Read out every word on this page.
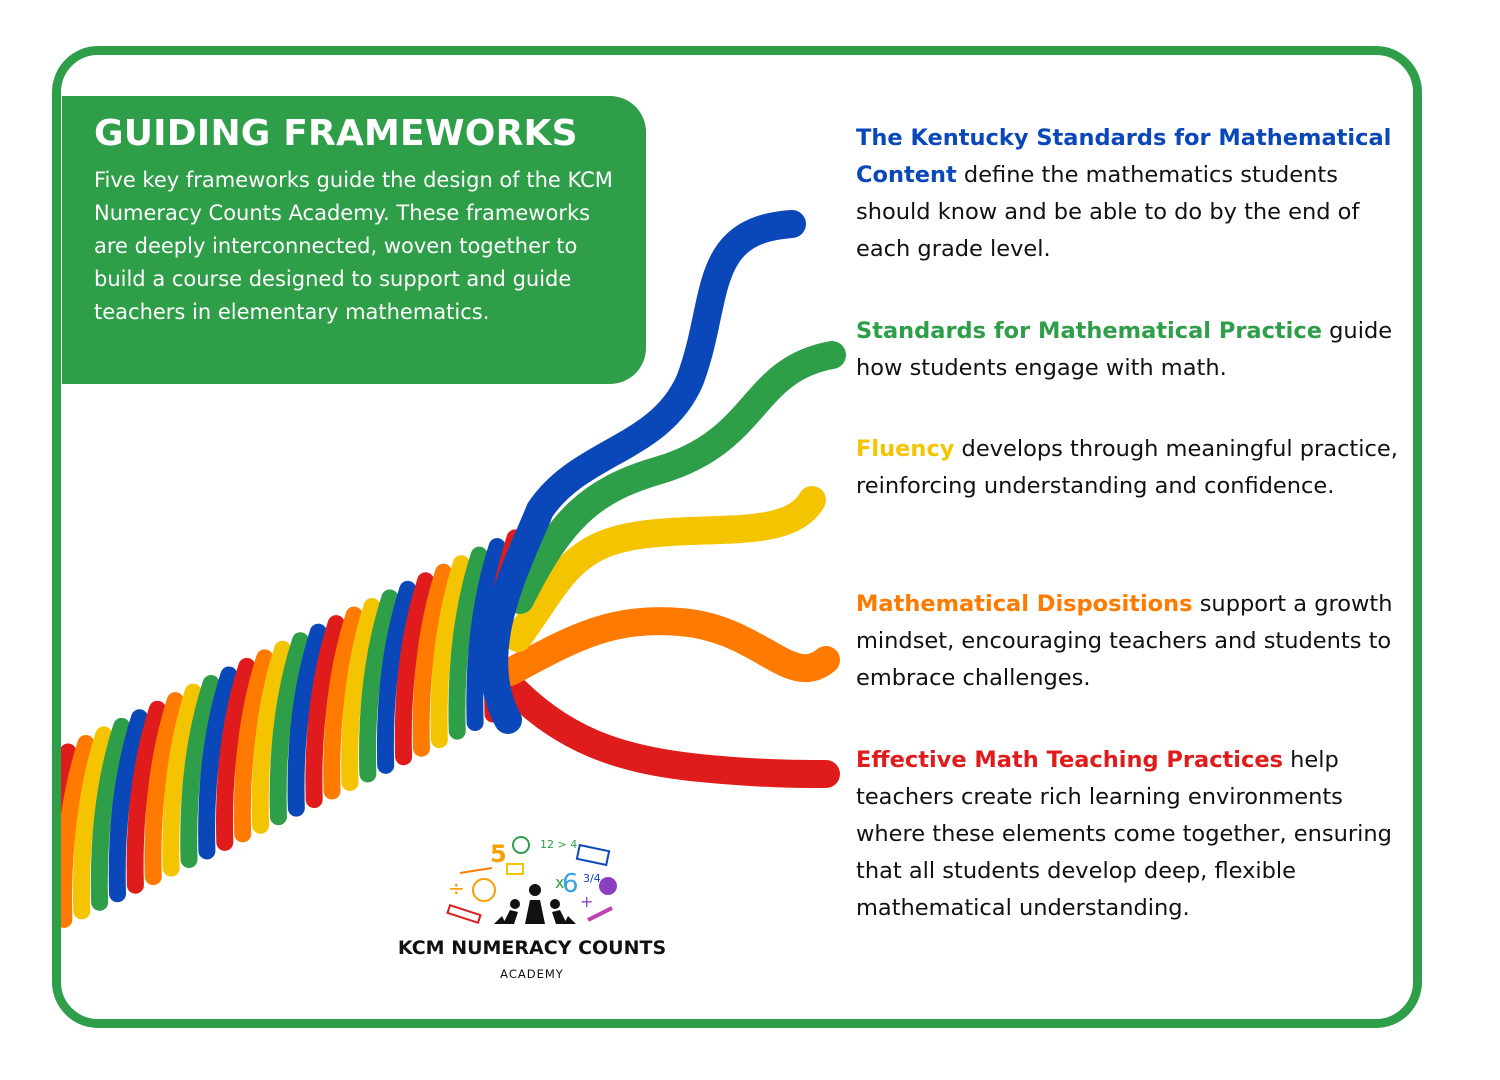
GUIDING FRAMEWORKS

Five key frameworks guide the design of the KCM Numeracy Counts Academy. These frameworks are deeply interconnected, woven together to build a course designed to support and guide teachers in elementary mathematics.

The Kentucky Standards for Mathematical Content define the mathematics students should know and be able to do by the end of each grade level.
Standards for Mathematical Practice guide how students engage with math.
Fluency develops through meaningful practice, reinforcing understanding and confidence.
Mathematical Dispositions support a growth mindset, encouraging teachers and students to embrace challenges.
Effective Math Teaching Practices help teachers create rich learning environments where these elements come together, ensuring that all students develop deep, flexible mathematical understanding.
5	12 > 4
x
6 3/4
÷
+
KCM NUMERACY COUNTS
ACADEMY
